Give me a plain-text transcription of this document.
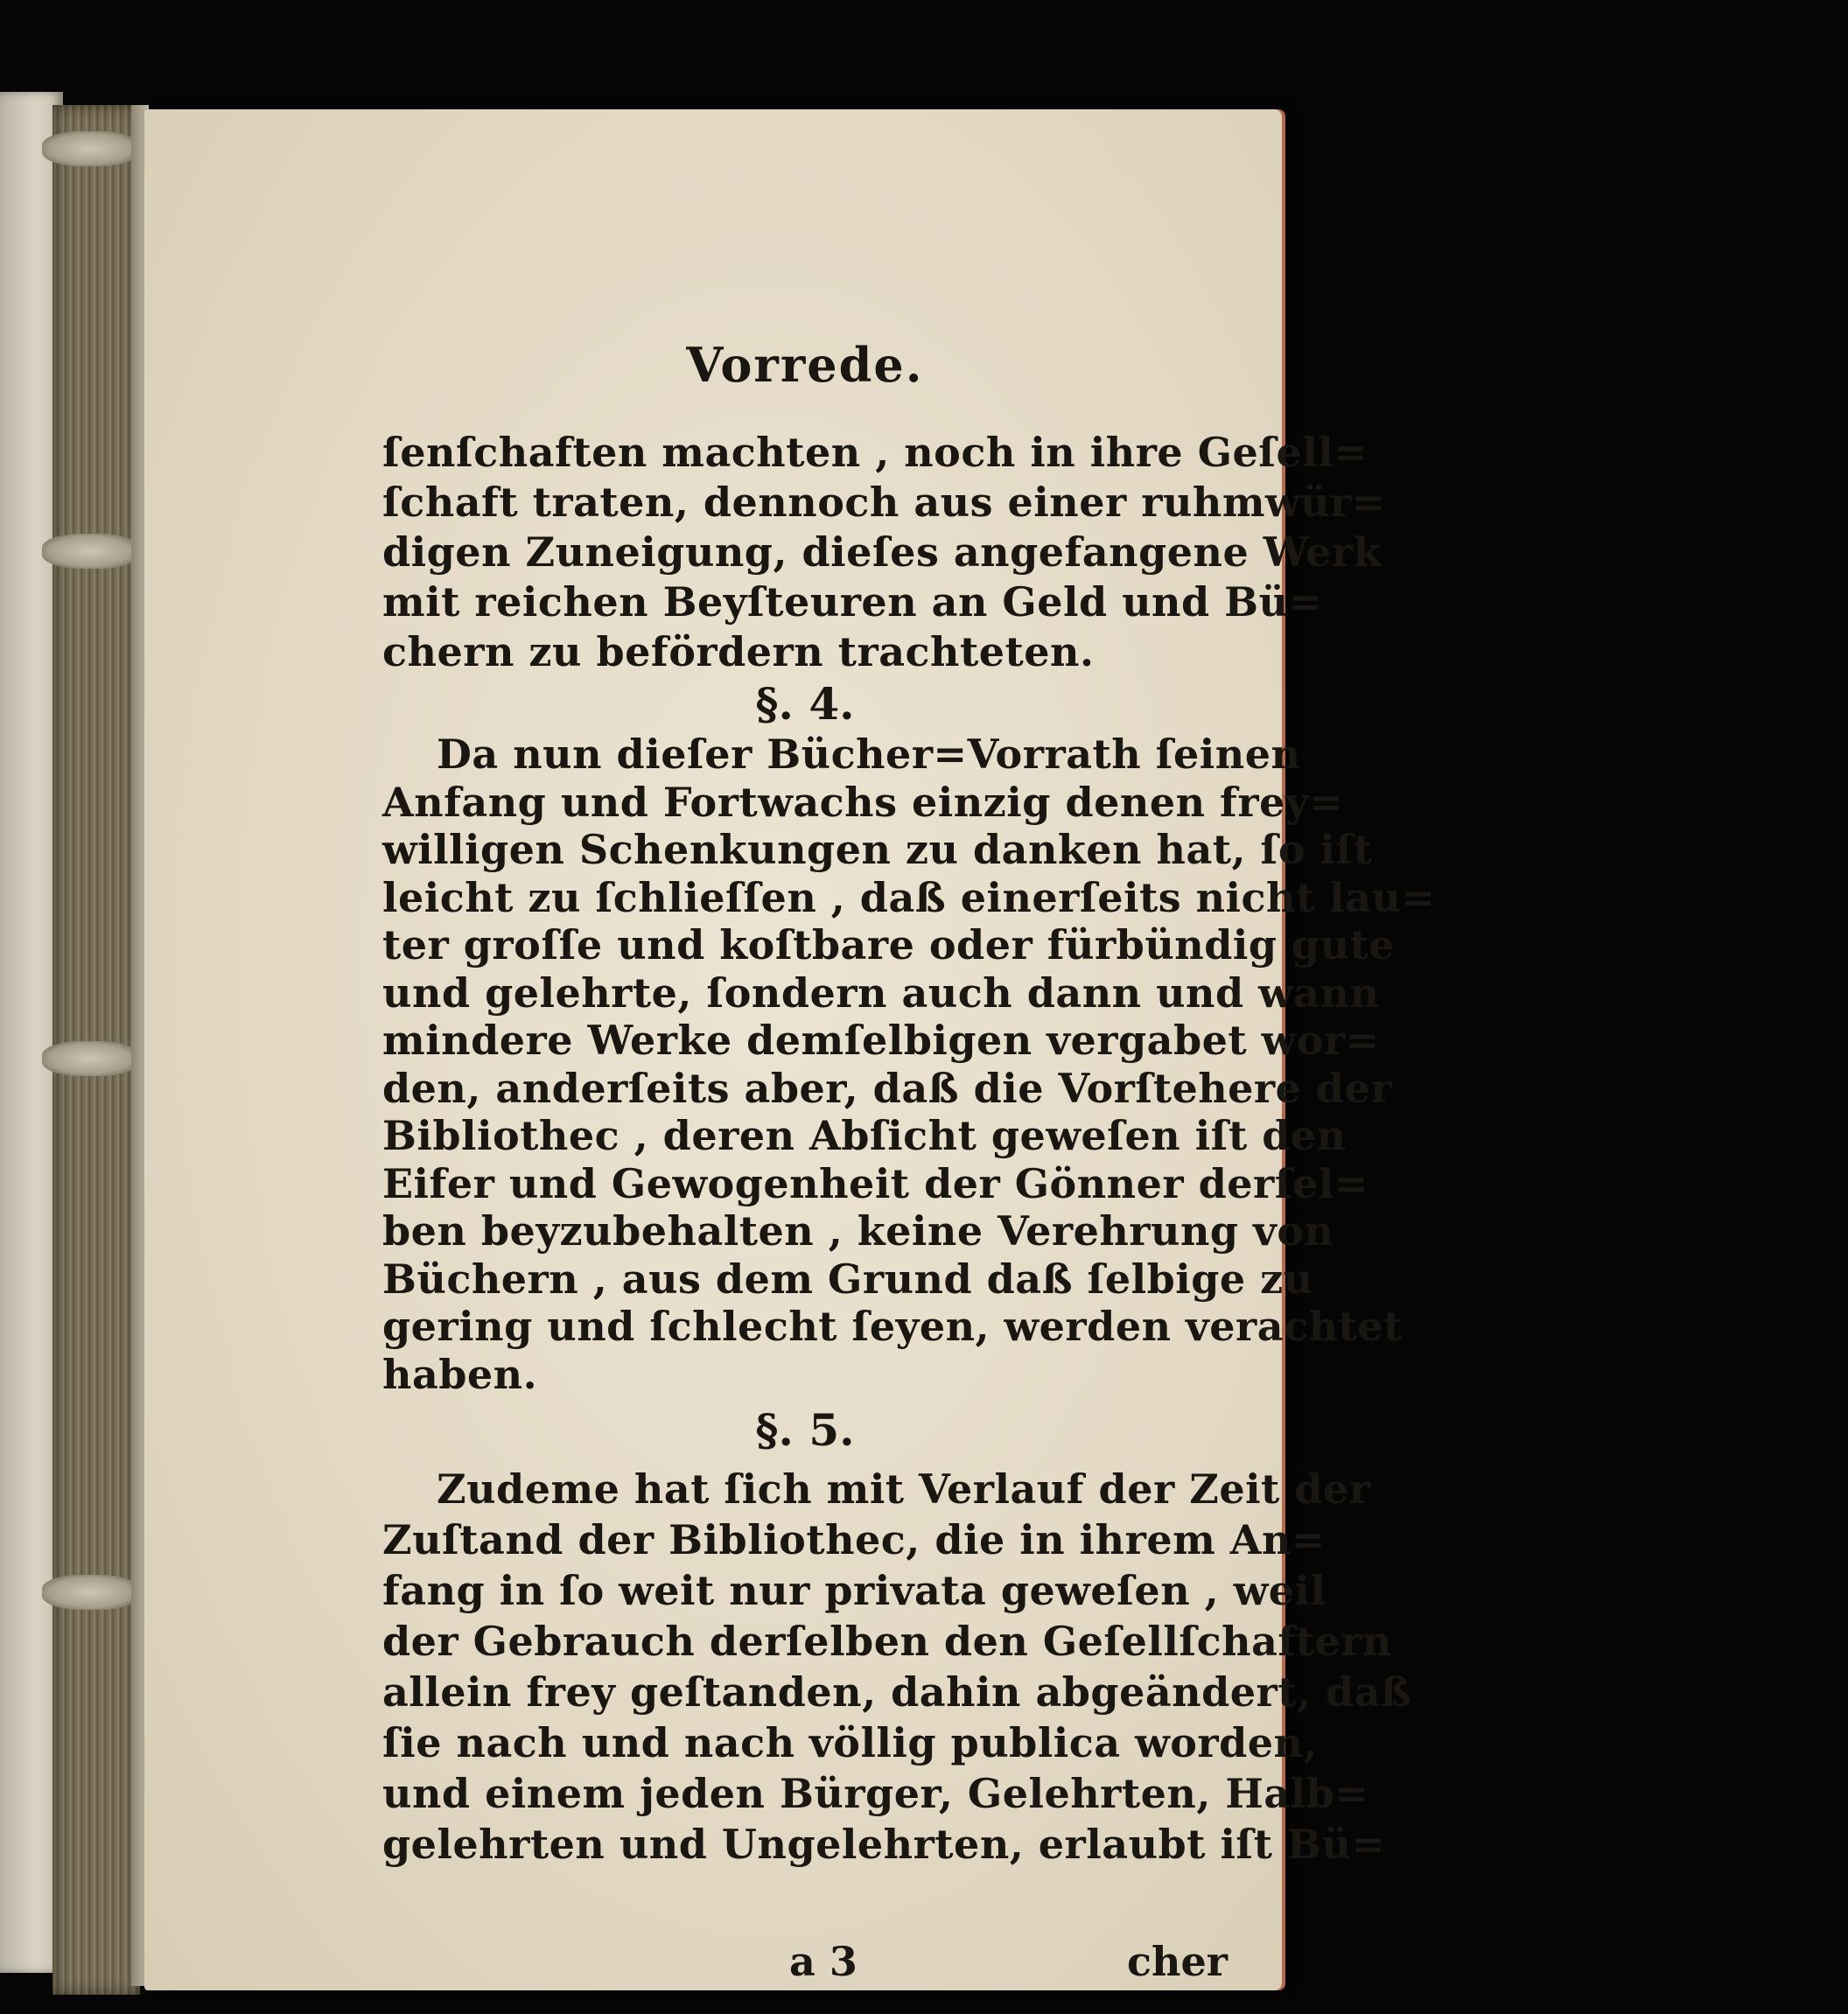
Vorrede.
ſenſchaften machten , noch in ihre Geſell=
ſchaft traten, dennoch aus einer ruhmwür=
digen Zuneigung, dieſes angefangene Werk
mit reichen Beyſteuren an Geld und Bü=
chern zu befördern trachteten.
§. 4.
Da nun dieſer Bücher=Vorrath ſeinen
Anfang und Fortwachs einzig denen frey=
willigen Schenkungen zu danken hat, ſo iſt
leicht zu ſchlieſſen , daß einerſeits nicht lau=
ter groſſe und koſtbare oder fürbündig gute
und gelehrte, ſondern auch dann und wann
mindere Werke demſelbigen vergabet wor=
den, anderſeits aber, daß die Vorſtehere der
Bibliothec , deren Abſicht geweſen iſt den
Eifer und Gewogenheit der Gönner derſel=
ben beyzubehalten , keine Verehrung von
Büchern , aus dem Grund daß ſelbige zu
gering und ſchlecht ſeyen, werden verachtet
haben.
§. 5.
Zudeme hat ſich mit Verlauf der Zeit der
Zuſtand der Bibliothec, die in ihrem An=
fang in ſo weit nur privata geweſen , weil
der Gebrauch derſelben den Geſellſchaftern
allein frey geſtanden, dahin abgeändert, daß
ſie nach und nach völlig publica worden,
und einem jeden Bürger, Gelehrten, Halb=
gelehrten und Ungelehrten, erlaubt iſt Bü=
a 3	cher
